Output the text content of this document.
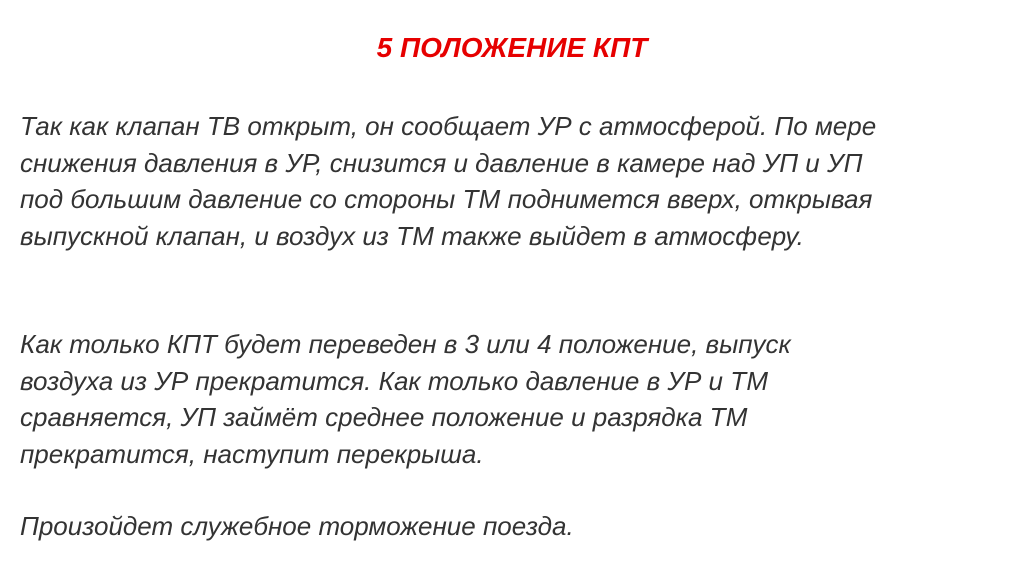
5 ПОЛОЖЕНИЕ КПТ

Так как клапан ТВ открыт, он сообщает УР с атмосферой. По мере снижения давления в УР, снизится и давление в камере над УП и УП под большим давление со стороны ТМ поднимется вверх, открывая выпускной клапан, и воздух из ТМ также выйдет в атмосферу.

Как только КПТ будет переведен в 3 или 4 положение, выпуск воздуха из УР прекратится. Как только давление в УР и ТМ сравняется, УП займёт среднее положение и разрядка ТМ прекратится, наступит перекрыша.

Произойдет служебное торможение поезда.
